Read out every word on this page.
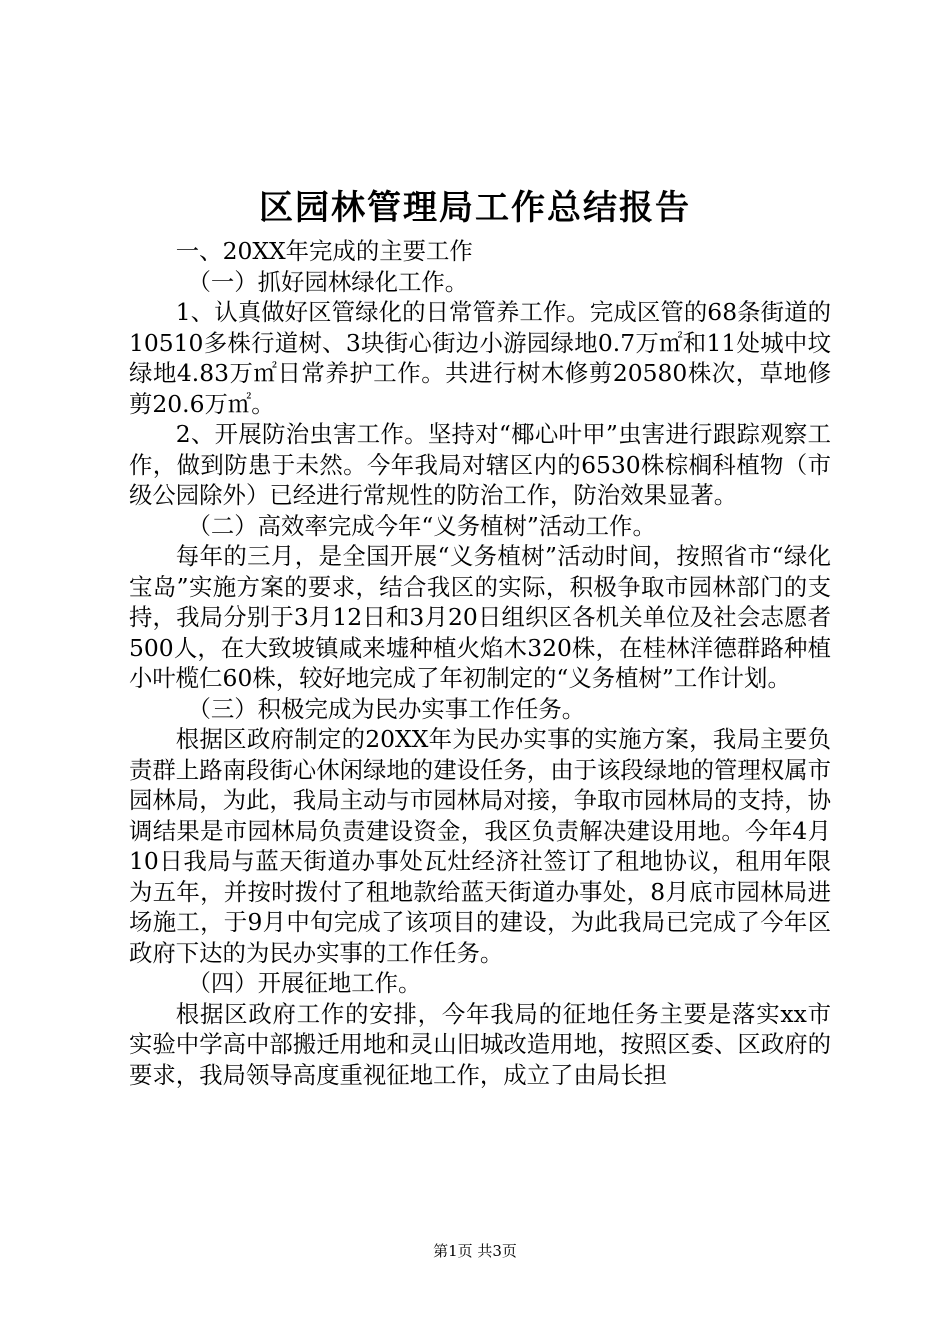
区园林管理局工作总结报告

一、20XX年完成的主要工作

（一）抓好园林绿化工作。

1、认真做好区管绿化的日常管养工作。完成区管的68条街道的10510多株行道树、3块街心街边小游园绿地0.7万㎡和11处城中坟绿地4.83万㎡日常养护工作。共进行树木修剪20580株次，草地修剪20.6万㎡。

2、开展防治虫害工作。坚持对“椰心叶甲”虫害进行跟踪观察工作，做到防患于未然。今年我局对辖区内的6530株棕榈科植物（市级公园除外）已经进行常规性的防治工作，防治效果显著。

（二）高效率完成今年“义务植树”活动工作。

每年的三月，是全国开展“义务植树”活动时间，按照省市“绿化宝岛”实施方案的要求，结合我区的实际，积极争取市园林部门的支持，我局分别于3月12日和3月20日组织区各机关单位及社会志愿者500人，在大致坡镇咸来墟种植火焰木320株，在桂林洋德群路种植小叶榄仁60株，较好地完成了年初制定的“义务植树”工作计划。

（三）积极完成为民办实事工作任务。

根据区政府制定的20XX年为民办实事的实施方案，我局主要负责群上路南段街心休闲绿地的建设任务，由于该段绿地的管理权属市园林局，为此，我局主动与市园林局对接，争取市园林局的支持，协调结果是市园林局负责建设资金，我区负责解决建设用地。今年4月10日我局与蓝天街道办事处瓦灶经济社签订了租地协议，租用年限为五年，并按时拨付了租地款给蓝天街道办事处，8月底市园林局进场施工，于9月中旬完成了该项目的建设，为此我局已完成了今年区政府下达的为民办实事的工作任务。

（四）开展征地工作。

根据区政府工作的安排，今年我局的征地任务主要是落实xx市实验中学高中部搬迁用地和灵山旧城改造用地，按照区委、区政府的要求，我局领导高度重视征地工作，成立了由局长担

第1页 共3页
